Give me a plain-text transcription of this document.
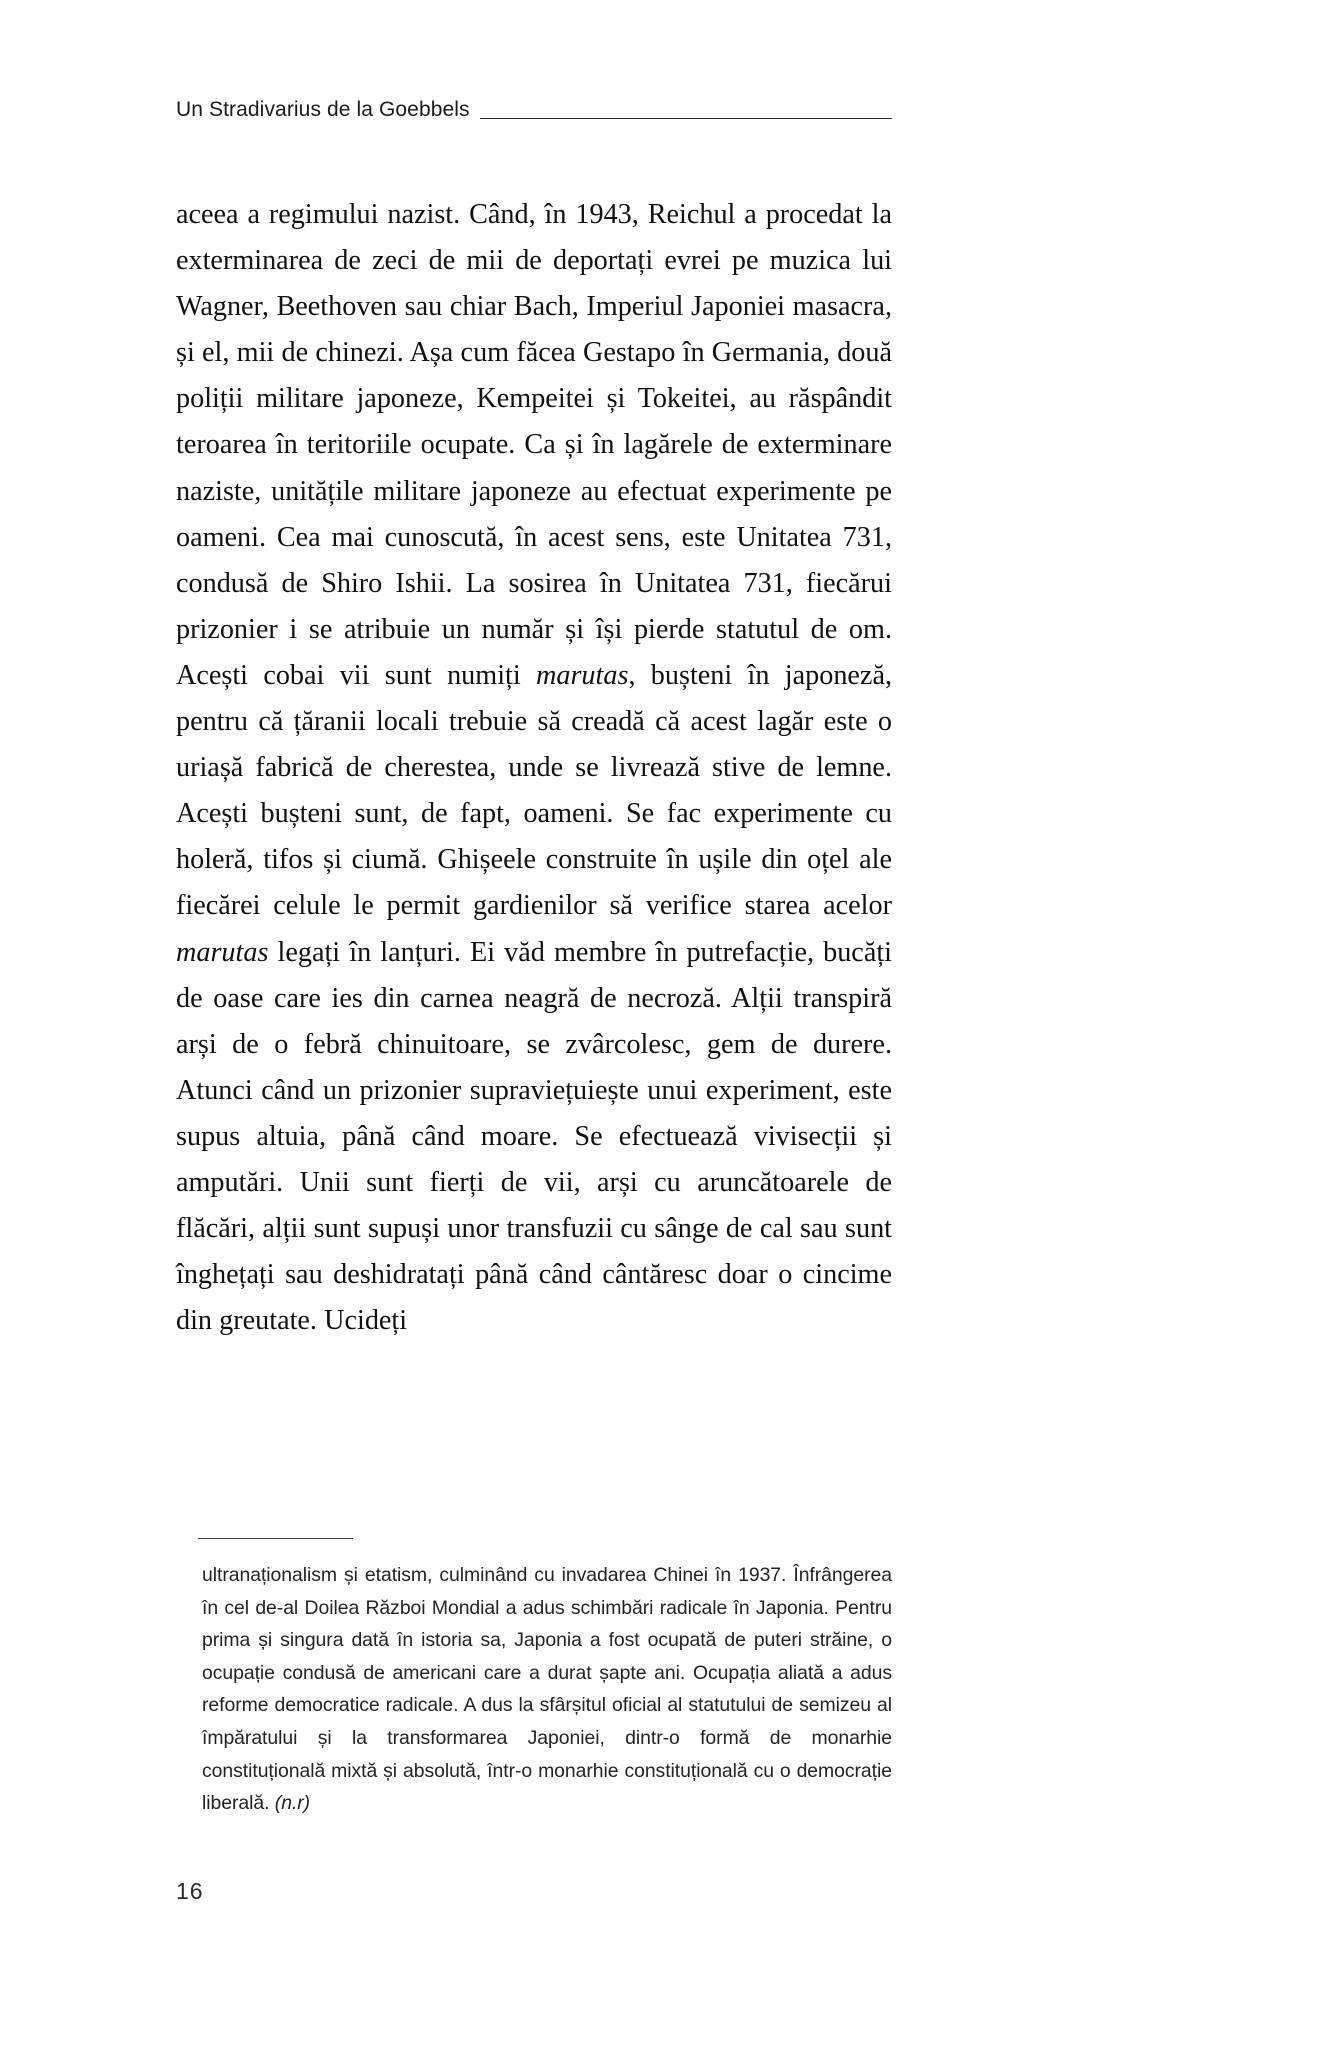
Un Stradivarius de la Goebbels

aceea a regimului nazist. Când, în 1943, Reichul a procedat la exterminarea de zeci de mii de deportați evrei pe muzica lui Wagner, Beethoven sau chiar Bach, Imperiul Japoniei masacra, și el, mii de chinezi. Așa cum făcea Gestapo în Germania, două poliții militare japoneze, Kempeitei și Tokeitei, au răspândit teroarea în teritoriile ocupate. Ca și în lagărele de exterminare naziste, unitățile militare japoneze au efectuat experimente pe oameni. Cea mai cunoscută, în acest sens, este Unitatea 731, condusă de Shiro Ishii. La sosirea în Unitatea 731, fiecărui prizonier i se atribuie un număr și își pierde statutul de om. Acești cobai vii sunt numiți marutas, bușteni în japoneză, pentru că țăranii locali trebuie să creadă că acest lagăr este o uriașă fabrică de cherestea, unde se livrează stive de lemne. Acești bușteni sunt, de fapt, oameni. Se fac experimente cu holeră, tifos și ciumă. Ghișeele construite în ușile din oțel ale fiecărei celule le permit gardienilor să verifice starea acelor marutas legați în lanțuri. Ei văd membre în putrefacție, bucăți de oase care ies din carnea neagră de necroză. Alții transpiră arși de o febră chinuitoare, se zvârcolesc, gem de durere. Atunci când un prizonier supraviețuiește unui experiment, este supus altuia, până când moare. Se efectuează vivisecții și amputări. Unii sunt fierți de vii, arși cu aruncătoarele de flăcări, alții sunt supuși unor transfuzii cu sânge de cal sau sunt înghețați sau deshidratați până când cântăresc doar o cincime din greutate. Ucideți

ultranaționalism și etatism, culminând cu invadarea Chinei în 1937. Înfrângerea în cel de-al Doilea Război Mondial a adus schimbări radicale în Japonia. Pentru prima și singura dată în istoria sa, Japonia a fost ocupată de puteri străine, o ocupație condusă de americani care a durat șapte ani. Ocupația aliată a adus reforme democratice radicale. A dus la sfârșitul oficial al statutului de semizeu al împăratului și la transformarea Japoniei, dintr-o formă de monarhie constituțională mixtă și absolută, într-o monarhie constituțională cu o democrație liberală. (n.r)

16
